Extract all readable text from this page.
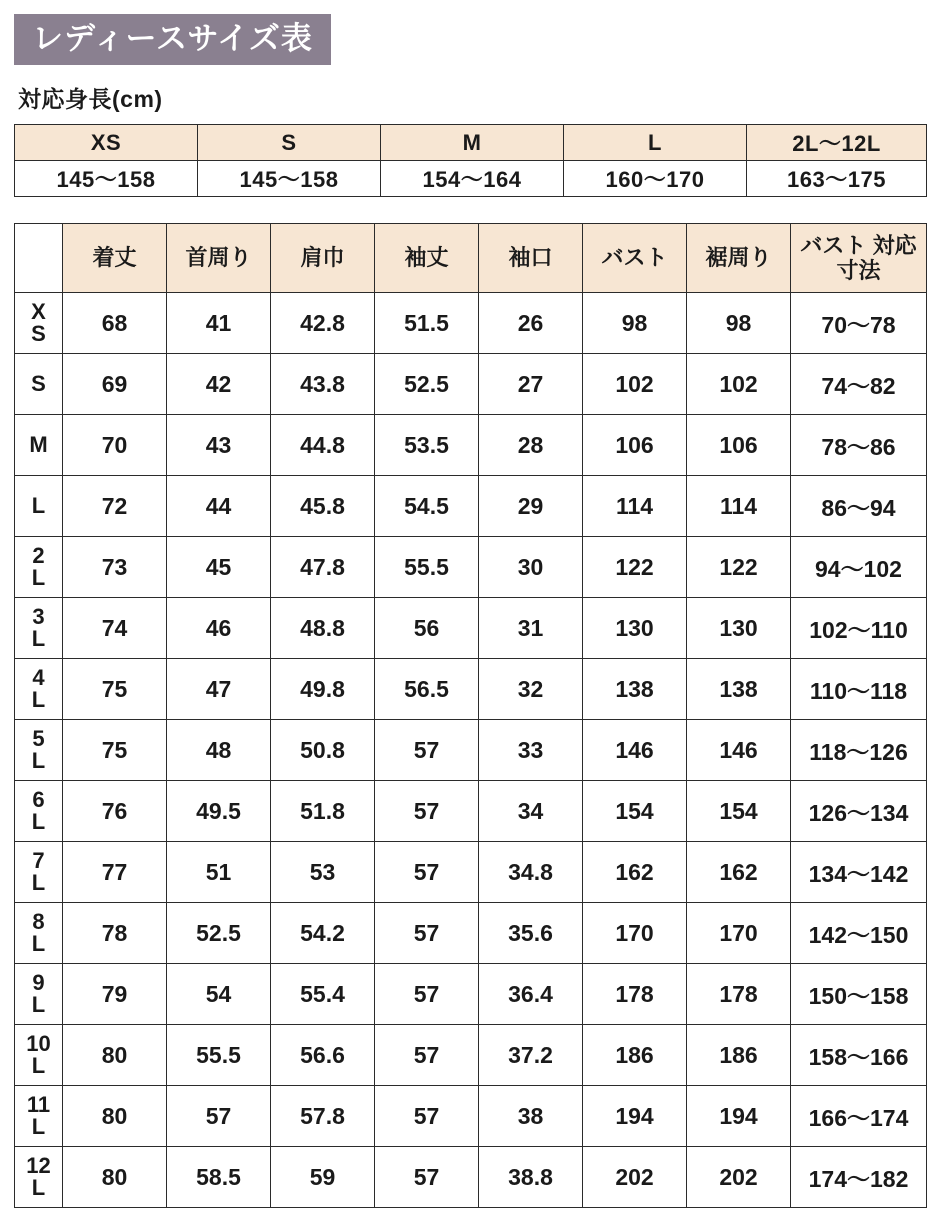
レディースサイズ表
対応身長(cm)
XS	S	M	L	2L〜12L
145〜158	145〜158	154〜164	160〜170	163〜175
	着丈	首周り	肩巾	袖丈	袖口	バスト	裾周り	バスト 対応寸法

X
S	68	41	42.8	51.5	26	98	98	70〜78

S	69	42	43.8	52.5	27	102	102	74〜82

M	70	43	44.8	53.5	28	106	106	78〜86

L	72	44	45.8	54.5	29	114	114	86〜94

2
L	73	45	47.8	55.5	30	122	122	94〜102

3
L	74	46	48.8	56	31	130	130	102〜110

4
L	75	47	49.8	56.5	32	138	138	110〜118

5
L	75	48	50.8	57	33	146	146	118〜126

6
L	76	49.5	51.8	57	34	154	154	126〜134

7
L	77	51	53	57	34.8	162	162	134〜142

8
L	78	52.5	54.2	57	35.6	170	170	142〜150

9
L	79	54	55.4	57	36.4	178	178	150〜158

10
L	80	55.5	56.6	57	37.2	186	186	158〜166

11
L	80	57	57.8	57	38	194	194	166〜174

12
L	80	58.5	59	57	38.8	202	202	174〜182
